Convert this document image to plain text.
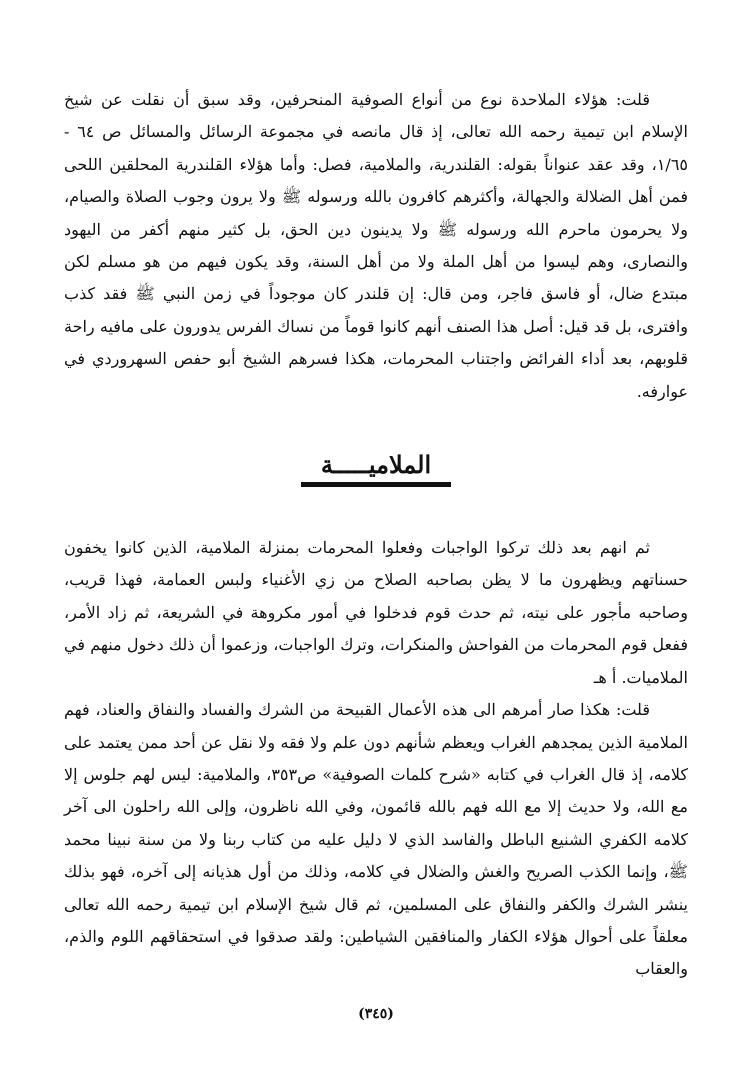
قلت: هؤلاء الملاحدة نوع من أنواع الصوفية المنحرفين، وقد سبق أن نقلت عن شيخ الإسلام ابن تيمية رحمه الله تعالى، إذ قال مانصه في مجموعة الرسائل والمسائل ص ٦٤ - ١/٦٥، وقد عقد عنواناً بقوله: القلندرية، والملامية، فصل: وأما هؤلاء القلندرية المحلقين اللحى فمن أهل الضلالة والجهالة، وأكثرهم كافرون بالله ورسوله ﷺ ولا يرون وجوب الصلاة والصيام، ولا يحرمون ماحرم الله ورسوله ﷺ ولا يدينون دين الحق، بل كثير منهم أكفر من اليهود والنصارى، وهم ليسوا من أهل الملة ولا من أهل السنة، وقد يكون فيهم من هو مسلم لكن مبتدع ضال، أو فاسق فاجر، ومن قال: إن قلندر كان موجوداً في زمن النبي ﷺ فقد كذب وافترى، بل قد قيل: أصل هذا الصنف أنهم كانوا قوماً من نساك الفرس يدورون على مافيه راحة قلوبهم، بعد أداء الفرائض واجتناب المحرمات، هكذا فسرهم الشيخ أبو حفص السهروردي في عوارفه.

الملاميـــــة

ثم انهم بعد ذلك تركوا الواجبات وفعلوا المحرمات بمنزلة الملامية، الذين كانوا يخفون حسناتهم ويظهرون ما لا يظن بصاحبه الصلاح من زي الأغنياء ولبس العمامة، فهذا قريب، وصاحبه مأجور على نيته، ثم حدث قوم فدخلوا في أمور مكروهة في الشريعة، ثم زاد الأمر، ففعل قوم المحرمات من الفواحش والمنكرات، وترك الواجبات، وزعموا أن ذلك دخول منهم في الملاميات. أ هـ

قلت: هكذا صار أمرهم الى هذه الأعمال القبيحة من الشرك والفساد والنفاق والعناد، فهم الملامية الذين يمجدهم الغراب ويعظم شأنهم دون علم ولا فقه ولا نقل عن أحد ممن يعتمد على كلامه، إذ قال الغراب في كتابه «شرح كلمات الصوفية» ص٣٥٣، والملامية: ليس لهم جلوس إلا مع الله، ولا حديث إلا مع الله فهم بالله قائمون، وفي الله ناظرون، وإلى الله راحلون الى آخر كلامه الكفري الشنيع الباطل والفاسد الذي لا دليل عليه من كتاب ربنا ولا من سنة نبينا محمد ﷺ، وإنما الكذب الصريح والغش والضلال في كلامه، وذلك من أول هذيانه إلى آخره، فهو بذلك ينشر الشرك والكفر والنفاق على المسلمين، ثم قال شيخ الإسلام ابن تيمية رحمه الله تعالى معلقاً على أحوال هؤلاء الكفار والمنافقين الشياطين: ولقد صدقوا في استحقاقهم اللوم والذم، والعقاب

(٣٤٥)
